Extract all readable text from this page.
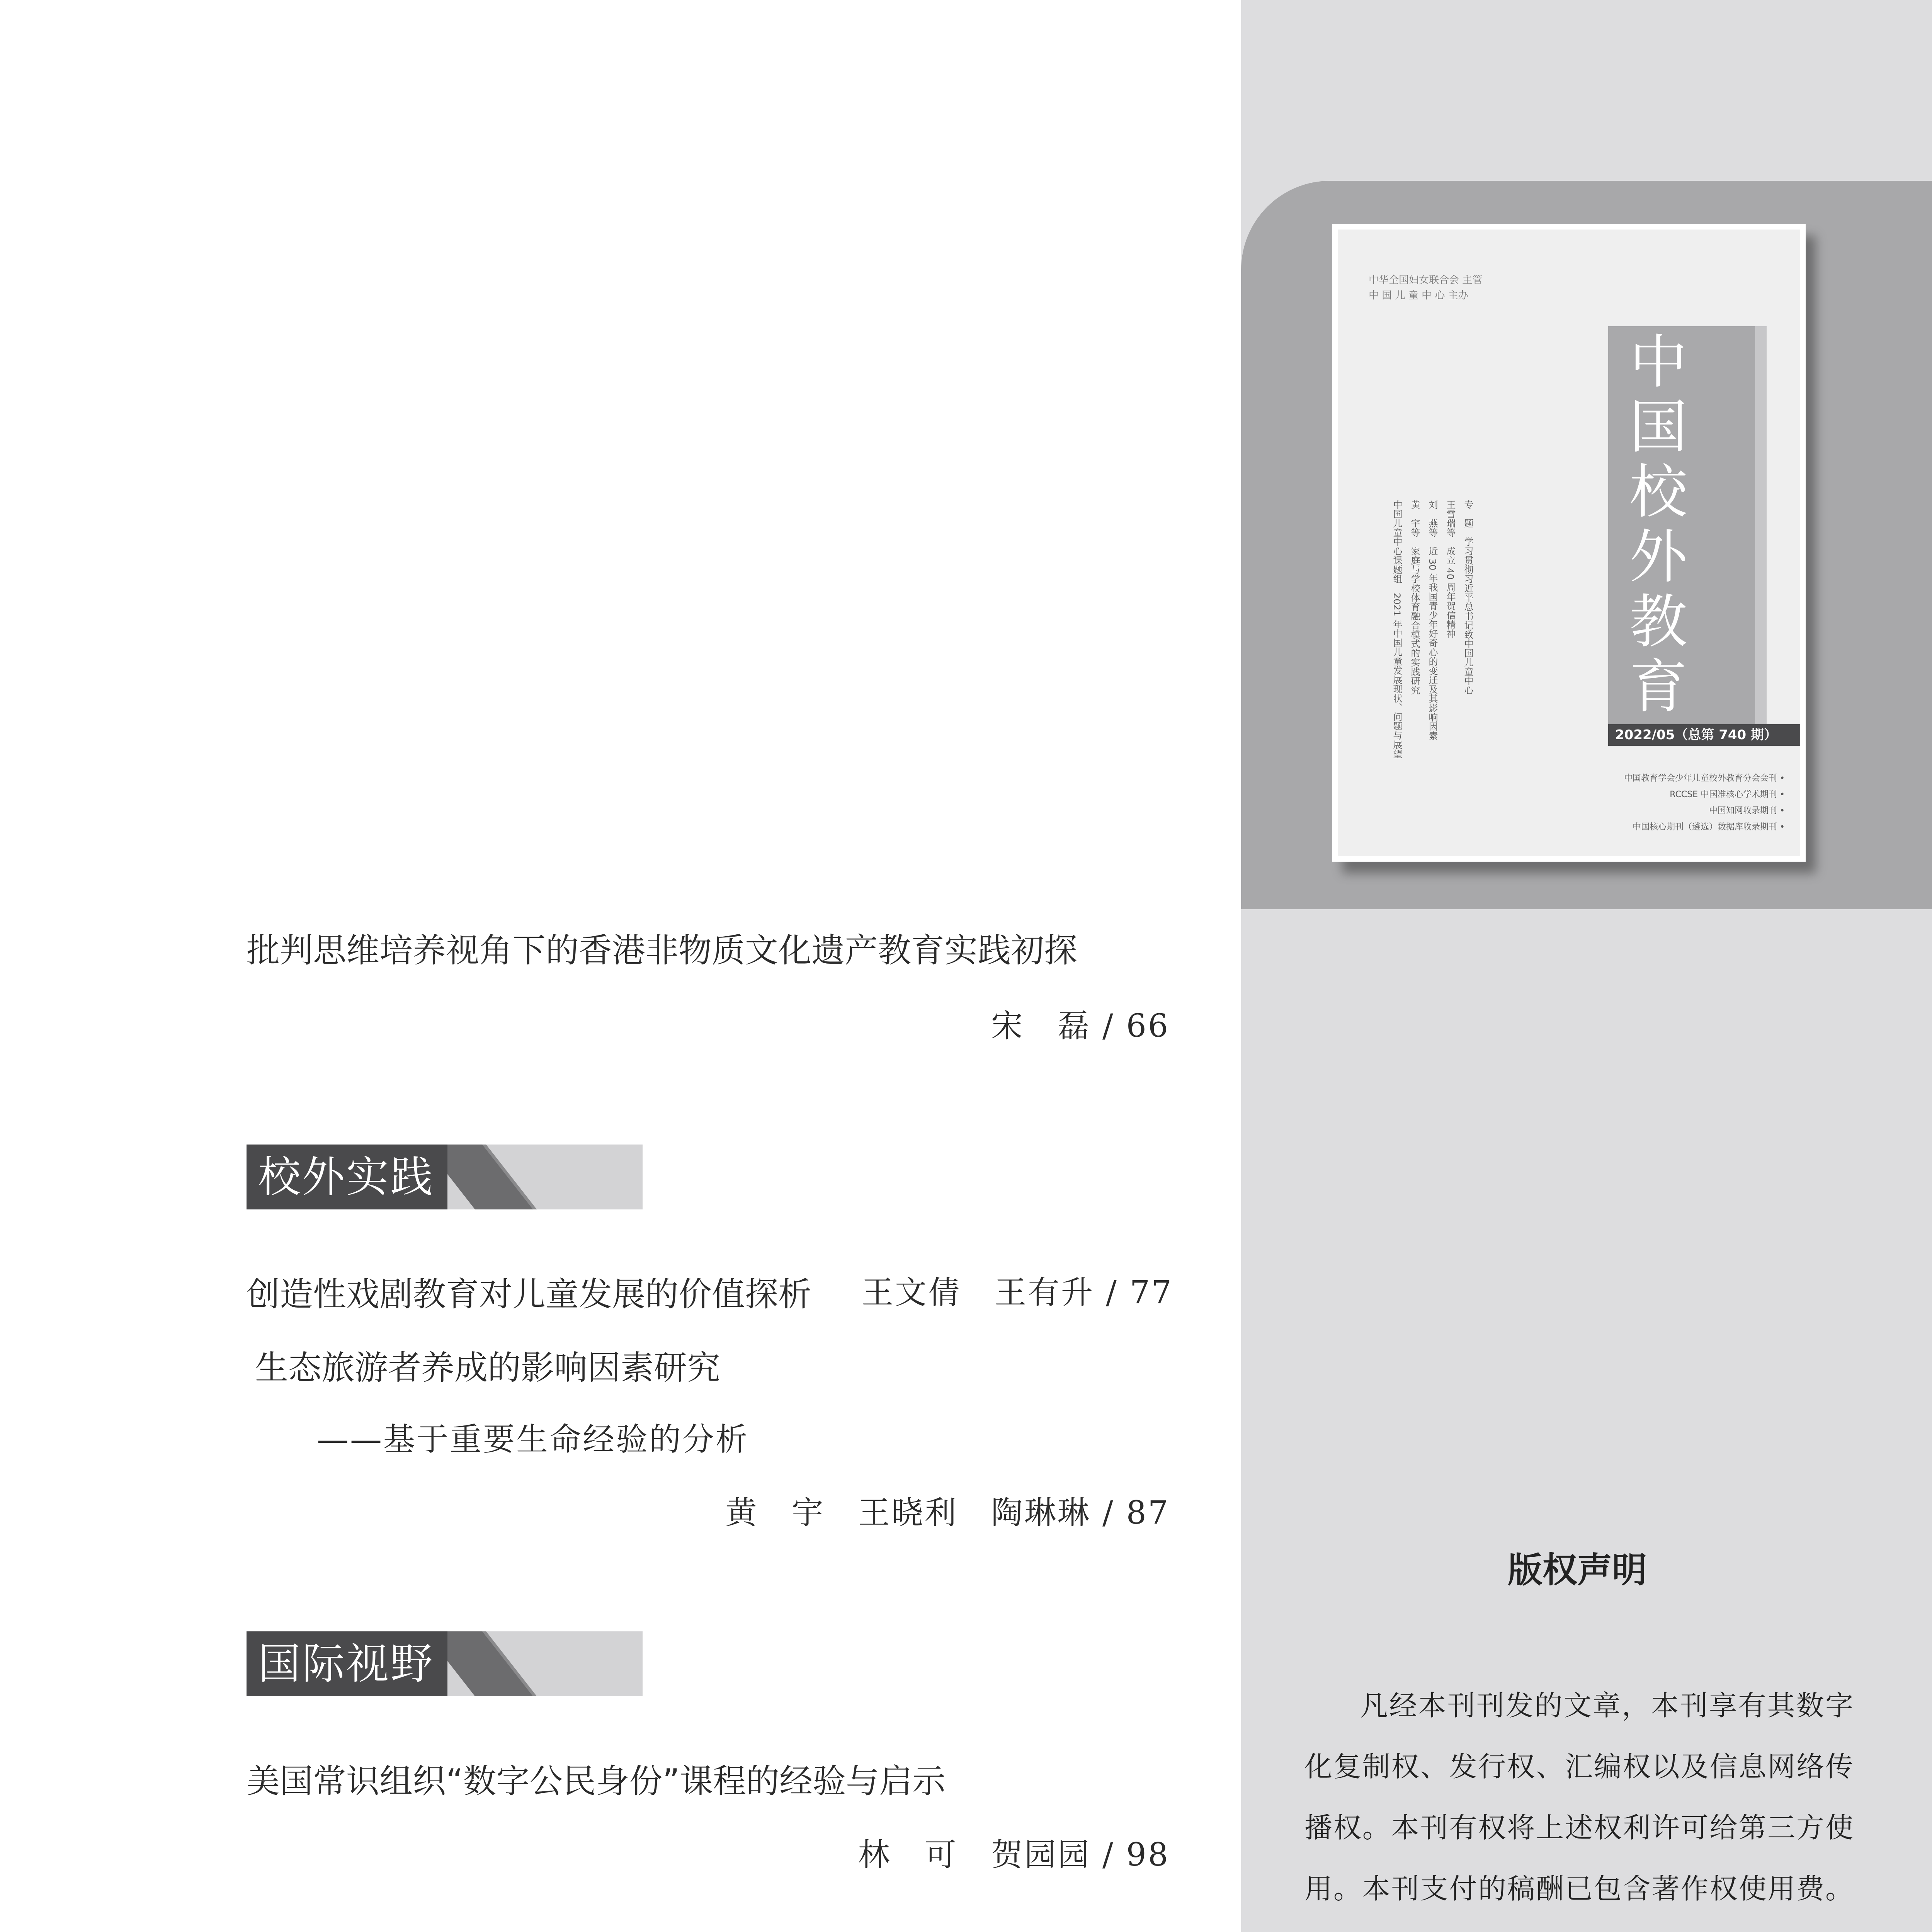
中华全国妇女联合会 主管
中 国 儿 童 中 心 主办
专　题　学习贯彻习近平总书记致中国儿童中心
王雪瑞等　成立 40 周年贺信精神
刘　燕等　近 30 年我国青少年好奇心的变迁及其影响因素
黄　宇等　家庭与学校体育融合模式的实践研究
中国儿童中心课题组　2021 年中国儿童发展现状、问题与展望
中
国
校
外
教
育
2022/05（总第 740 期）
中国教育学会少年儿童校外教育分会会刊 •
RCCSE 中国准核心学术期刊 •
中国知网收录期刊 •
中国核心期刊（遴选）数据库收录期刊 •
版权声明

凡经本刊刊发的文章，本刊享有其数字化复制权、发行权、汇编权以及信息网络传播权。本刊有权将上述权利许可给第三方使用。本刊支付的稿酬已包含著作权使用费。

批判思维培养视角下的香港非物质文化遗产教育实践初探
宋　磊 / 66
校外实践
创造性戏剧教育对儿童发展的价值探析 王文倩　王有升 / 77
生态旅游者养成的影响因素研究
——基于重要生命经验的分析
黄　宇　王晓利　陶琳琳 / 87
国际视野
美国常识组织“数字公民身份”课程的经验与启示
林　可　贺园园 / 98
